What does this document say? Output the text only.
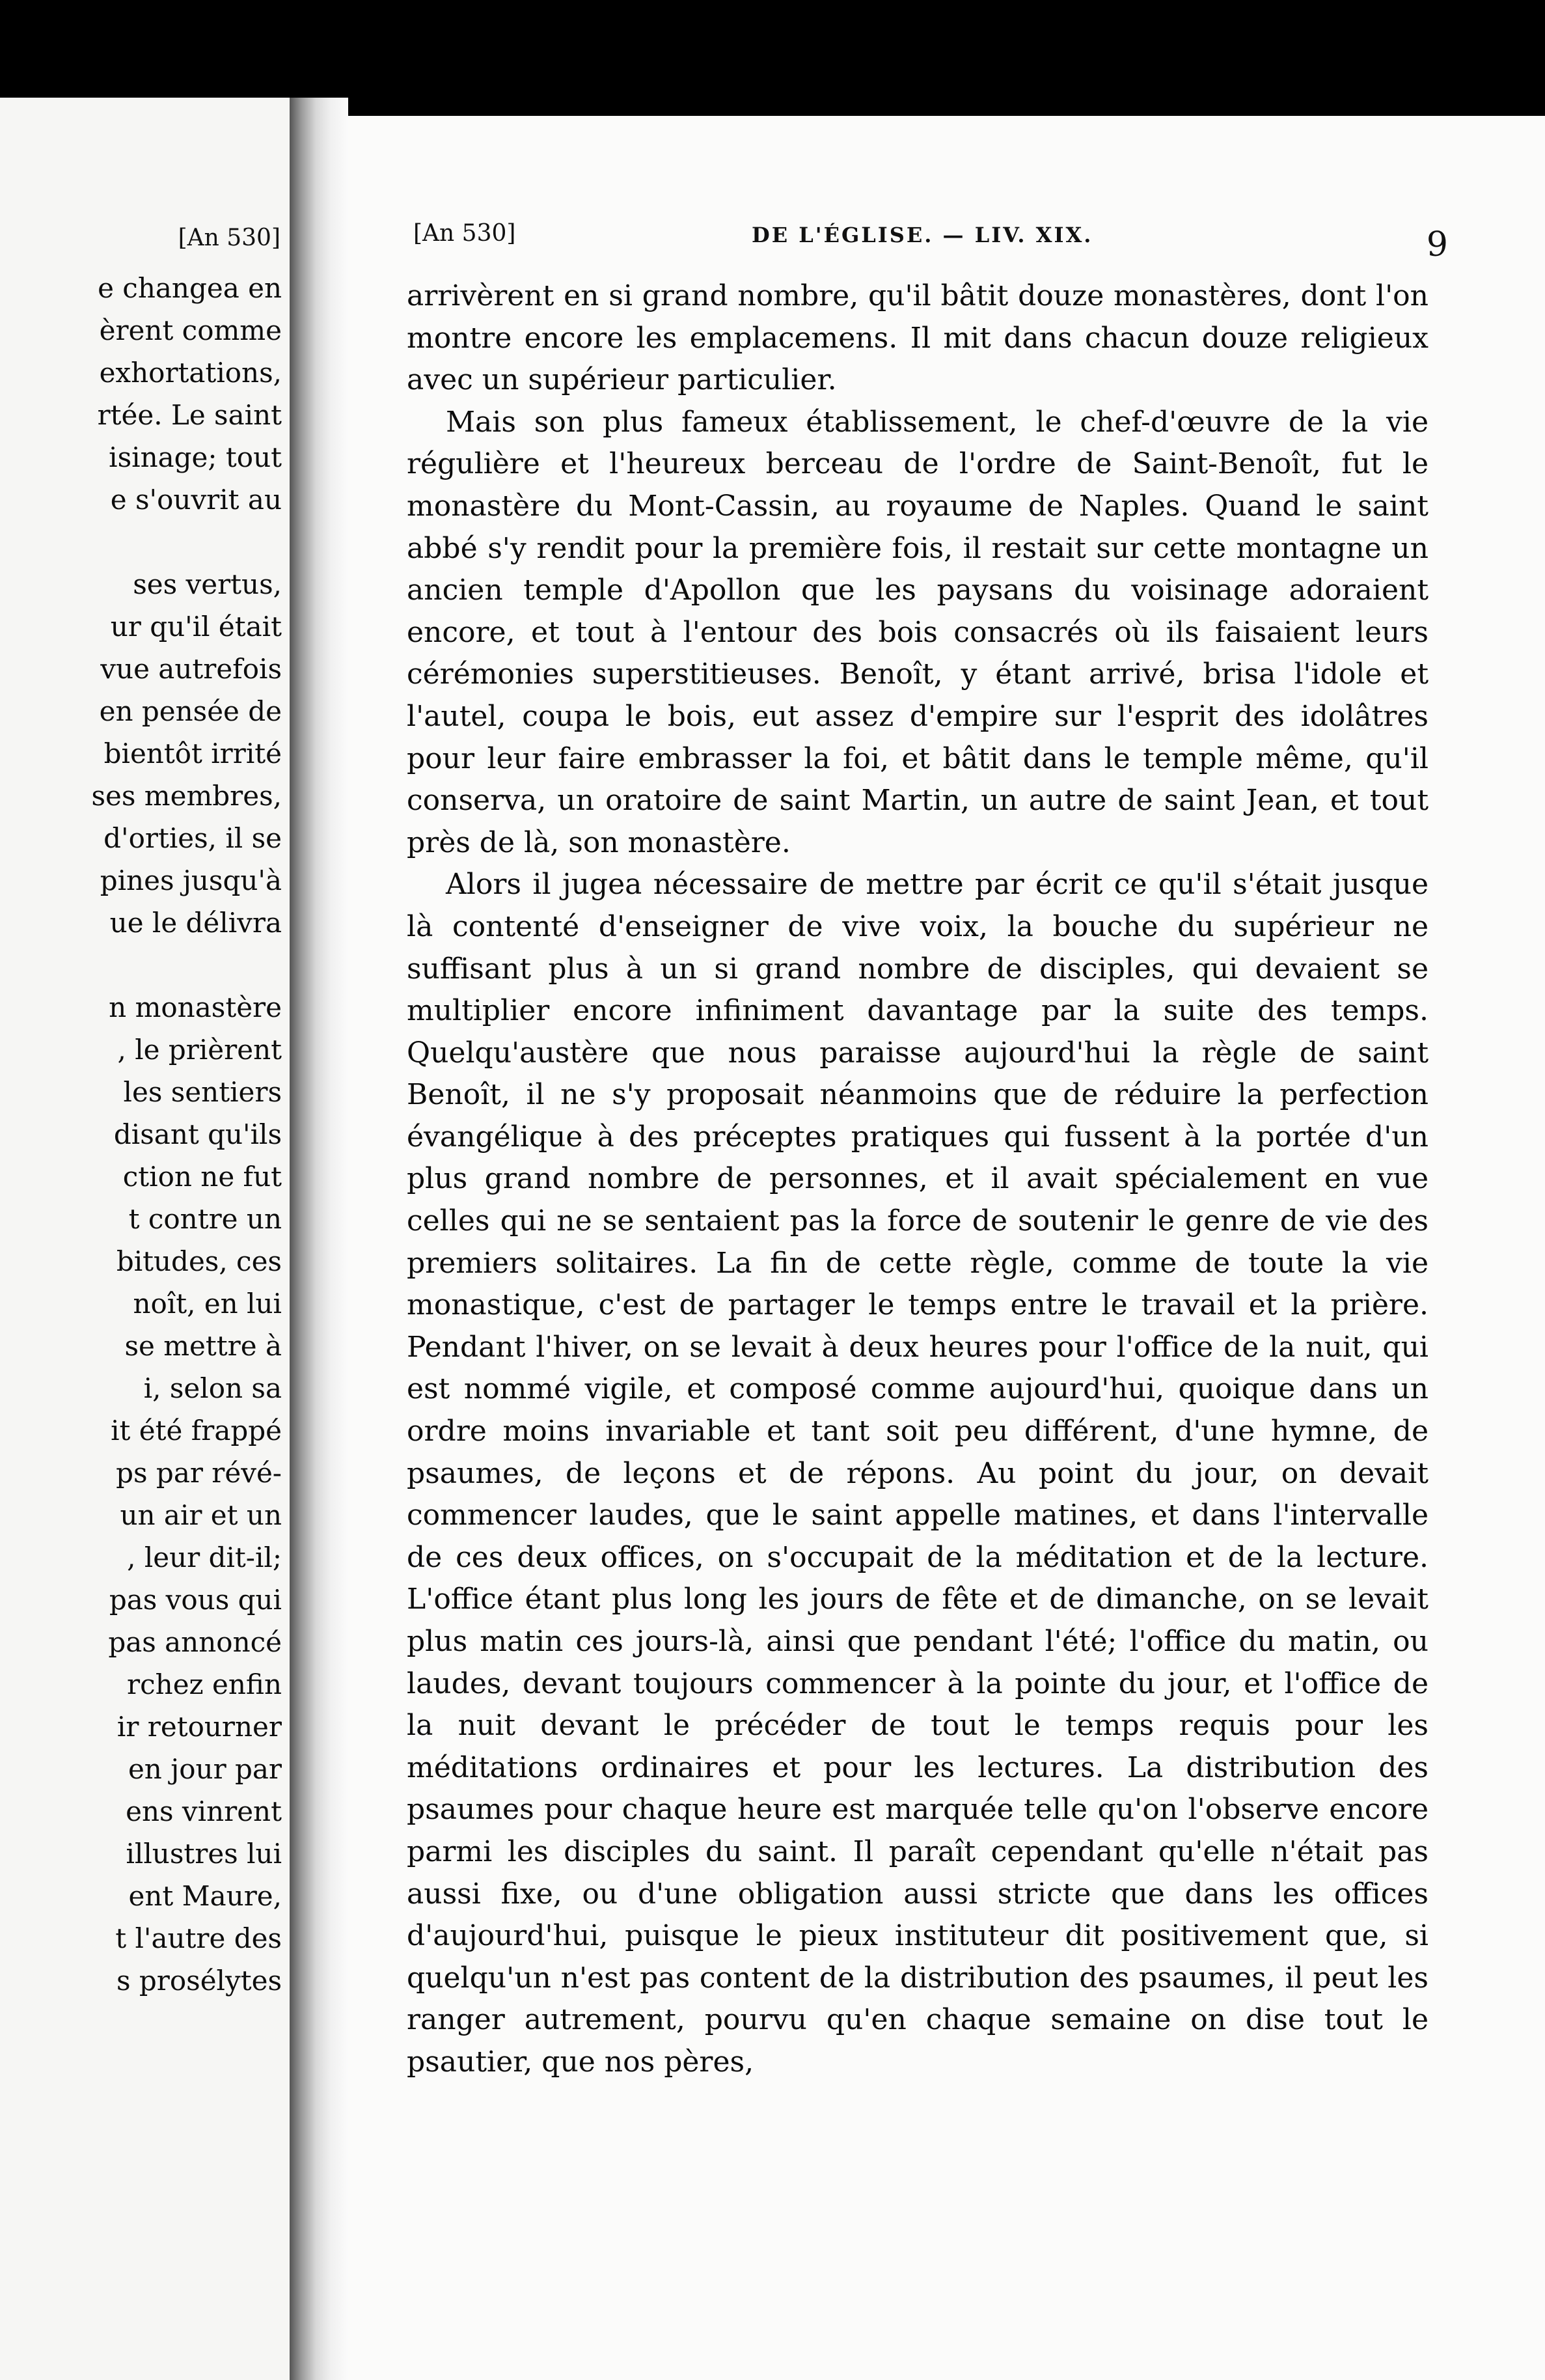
[An 530]
e changea en
èrent comme
exhortations,
rtée. Le saint
isinage; tout
e s'ouvrit au
ses vertus,
ur qu'il était
vue autrefois
en pensée de
bientôt irrité
ses membres,
d'orties, il se
pines jusqu'à
ue le délivra
n monastère
, le prièrent
les sentiers
disant qu'ils
ction ne fut
t contre un
bitudes, ces
noît, en lui
se mettre à
i, selon sa
it été frappé
ps par révé-
un air et un
, leur dit-il;
pas vous qui
pas annoncé
rchez enfin
ir retourner
en jour par
ens vinrent
illustres lui
ent Maure,
t l'autre des
s prosélytes
[An 530]	DE L'ÉGLISE. — LIV. XIX.	9

arrivèrent en si grand nombre, qu'il bâtit douze monastères, dont l'on montre encore les emplacemens. Il mit dans chacun douze religieux avec un supérieur particulier.

Mais son plus fameux établissement, le chef-d'œuvre de la vie régulière et l'heureux berceau de l'ordre de Saint-Benoît, fut le monastère du Mont-Cassin, au royaume de Naples. Quand le saint abbé s'y rendit pour la première fois, il restait sur cette montagne un ancien temple d'Apollon que les paysans du voisinage adoraient encore, et tout à l'entour des bois consacrés où ils faisaient leurs cérémonies superstitieuses. Benoît, y étant arrivé, brisa l'idole et l'autel, coupa le bois, eut assez d'empire sur l'esprit des idolâtres pour leur faire embrasser la foi, et bâtit dans le temple même, qu'il conserva, un oratoire de saint Martin, un autre de saint Jean, et tout près de là, son monastère.

Alors il jugea nécessaire de mettre par écrit ce qu'il s'était jusque là contenté d'enseigner de vive voix, la bouche du supérieur ne suffisant plus à un si grand nombre de disciples, qui devaient se multiplier encore infiniment davantage par la suite des temps. Quelqu'austère que nous paraisse aujourd'hui la règle de saint Benoît, il ne s'y proposait néanmoins que de réduire la perfection évangélique à des préceptes pratiques qui fussent à la portée d'un plus grand nombre de personnes, et il avait spécialement en vue celles qui ne se sentaient pas la force de soutenir le genre de vie des premiers solitaires. La fin de cette règle, comme de toute la vie monastique, c'est de partager le temps entre le travail et la prière. Pendant l'hiver, on se levait à deux heures pour l'office de la nuit, qui est nommé vigile, et composé comme aujourd'hui, quoique dans un ordre moins invariable et tant soit peu différent, d'une hymne, de psaumes, de leçons et de répons. Au point du jour, on devait commencer laudes, que le saint appelle matines, et dans l'intervalle de ces deux offices, on s'occupait de la méditation et de la lecture. L'office étant plus long les jours de fête et de dimanche, on se levait plus matin ces jours-là, ainsi que pendant l'été; l'office du matin, ou laudes, devant toujours commencer à la pointe du jour, et l'office de la nuit devant le précéder de tout le temps requis pour les méditations ordinaires et pour les lectures. La distribution des psaumes pour chaque heure est marquée telle qu'on l'observe encore parmi les disciples du saint. Il paraît cependant qu'elle n'était pas aussi fixe, ou d'une obligation aussi stricte que dans les offices d'aujourd'hui, puisque le pieux instituteur dit positivement que, si quelqu'un n'est pas content de la distribution des psaumes, il peut les ranger autrement, pourvu qu'en chaque semaine on dise tout le psautier, que nos pères,
